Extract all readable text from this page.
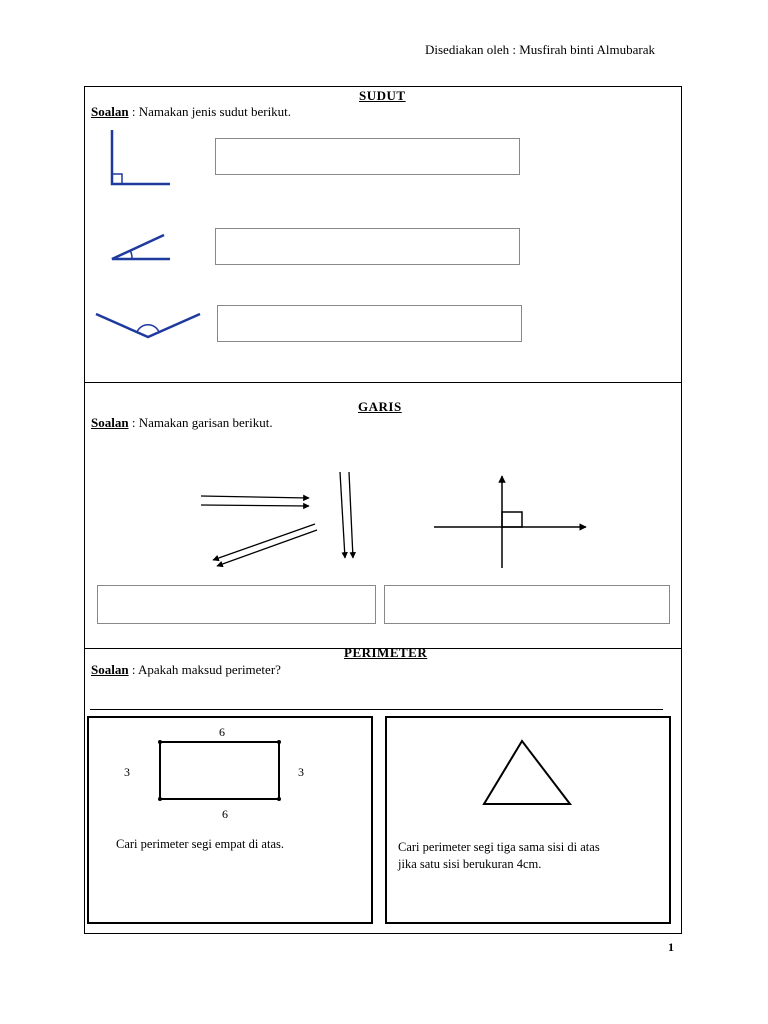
Disediakan oleh : Musfirah binti Almubarak
SUDUT
Soalan : Namakan jenis sudut berikut.
GARIS
Soalan : Namakan garisan berikut.
PERIMETER
Soalan : Apakah maksud perimeter?
6
3	3
6
Cari perimeter segi empat di atas.	Cari perimeter segi tiga sama sisi di atas
jika satu sisi berukuran 4cm.
1
